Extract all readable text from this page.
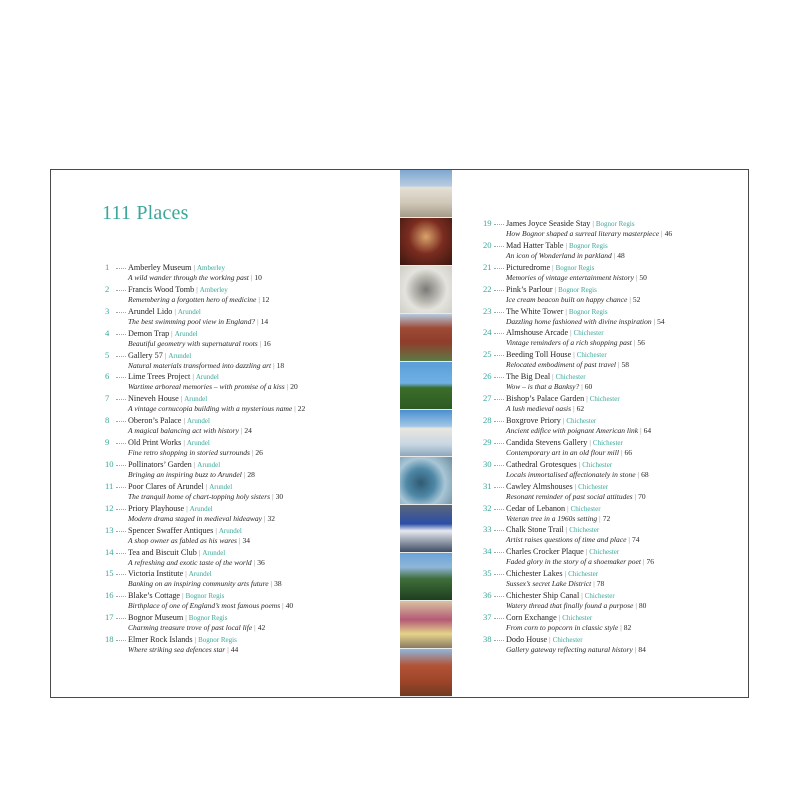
111 Places
1 Amberley Museum | Amberley
A wild wander through the working past | 10
2 Francis Wood Tomb | Amberley
Remembering a forgotten hero of medicine | 12
3 Arundel Lido | Arundel
The best swimming pool view in England? | 14
4 Demon Trap | Arundel
Beautiful geometry with supernatural roots | 16
5 Gallery 57 | Arundel
Natural materials transformed into dazzling art | 18
6 Lime Trees Project | Arundel
Wartime arboreal memories – with promise of a kiss | 20
7 Nineveh House | Arundel
A vintage cornucopia building with a mysterious name | 22
8 Oberon’s Palace | Arundel
A magical balancing act with history | 24
9 Old Print Works | Arundel
Fine retro shopping in storied surrounds | 26
10 Pollinators’ Garden | Arundel
Bringing an inspiring buzz to Arundel | 28
11 Poor Clares of Arundel | Arundel
The tranquil home of chart-topping holy sisters | 30
12 Priory Playhouse | Arundel
Modern drama staged in medieval hideaway | 32
13 Spencer Swaffer Antiques | Arundel
A shop owner as fabled as his wares | 34
14 Tea and Biscuit Club | Arundel
A refreshing and exotic taste of the world | 36
15 Victoria Institute | Arundel
Banking on an inspiring community arts future | 38
16 Blake’s Cottage | Bognor Regis
Birthplace of one of England’s most famous poems | 40
17 Bognor Museum | Bognor Regis
Charming treasure trove of past local life | 42
18 Elmer Rock Islands | Bognor Regis
Where striking sea defences star | 44
19 James Joyce Seaside Stay | Bognor Regis
How Bognor shaped a surreal literary masterpiece | 46
20 Mad Hatter Table | Bognor Regis
An icon of Wonderland in parkland | 48
21 Picturedrome | Bognor Regis
Memories of vintage entertainment history | 50
22 Pink’s Parlour | Bognor Regis
Ice cream beacon built on happy chance | 52
23 The White Tower | Bognor Regis
Dazzling home fashioned with divine inspiration | 54
24 Almshouse Arcade | Chichester
Vintage reminders of a rich shopping past | 56
25 Beeding Toll House | Chichester
Relocated embodiment of past travel | 58
26 The Big Deal | Chichester
Wow – is that a Banksy? | 60
27 Bishop’s Palace Garden | Chichester
A lush medieval oasis | 62
28 Boxgrove Priory | Chichester
Ancient edifice with poignant American link | 64
29 Candida Stevens Gallery | Chichester
Contemporary art in an old flour mill | 66
30 Cathedral Grotesques | Chichester
Locals immortalised affectionately in stone | 68
31 Cawley Almshouses | Chichester
Resonant reminder of past social attitudes | 70
32 Cedar of Lebanon | Chichester
Veteran tree in a 1960s setting | 72
33 Chalk Stone Trail | Chichester
Artist raises questions of time and place | 74
34 Charles Crocker Plaque | Chichester
Faded glory in the story of a shoemaker poet | 76
35 Chichester Lakes | Chichester
Sussex’s secret Lake District | 78
36 Chichester Ship Canal | Chichester
Watery thread that finally found a purpose | 80
37 Corn Exchange | Chichester
From corn to popcorn in classic style | 82
38 Dodo House | Chichester
Gallery gateway reflecting natural history | 84
